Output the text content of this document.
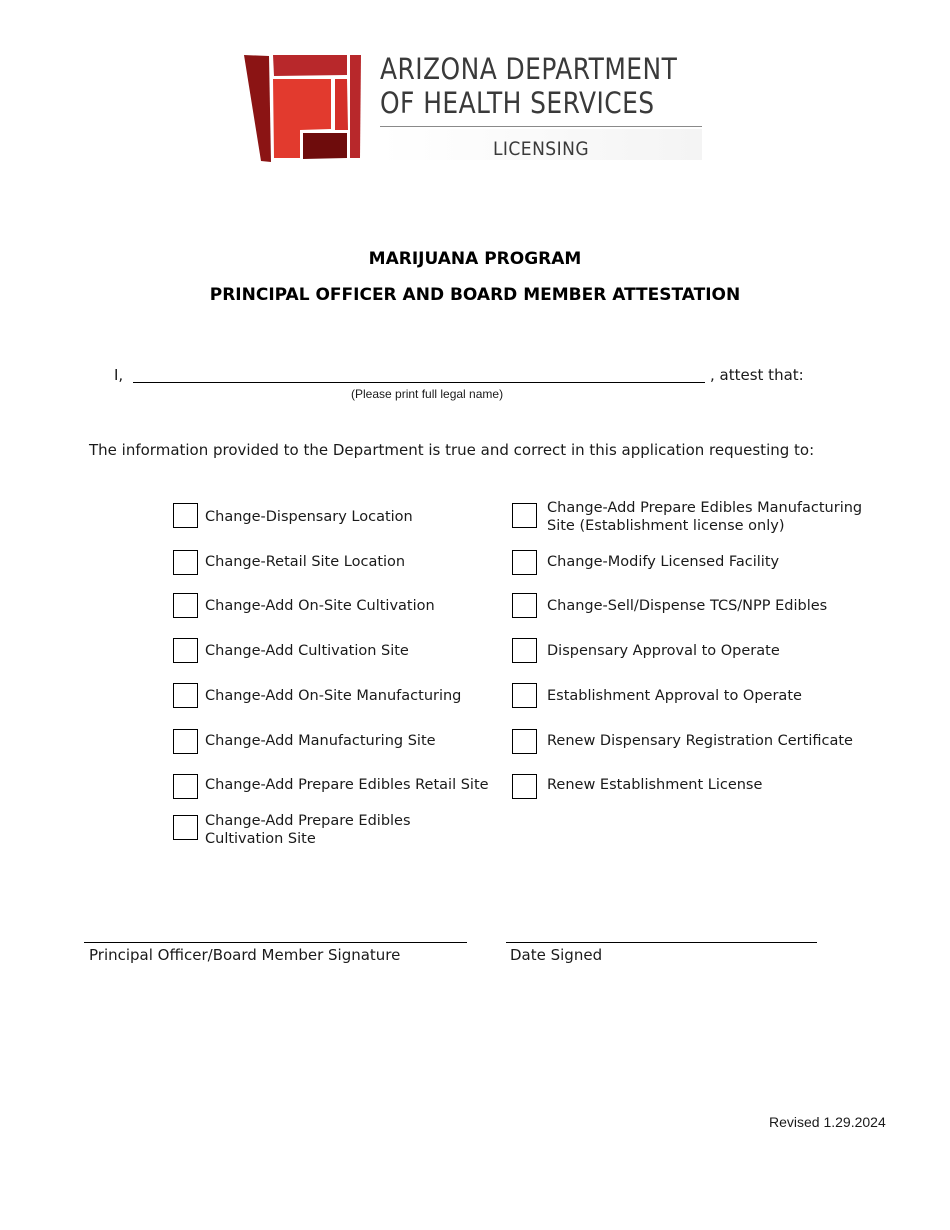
ARIZONA DEPARTMENT
OF HEALTH SERVICES
LICENSING
MARIJUANA PROGRAM
PRINCIPAL OFFICER AND BOARD MEMBER ATTESTATION
I,	, attest that:
(Please print full legal name)
The information provided to the Department is true and correct in this application requesting to:
Change-Dispensary Location
Change-Retail Site Location
Change-Add On-Site Cultivation
Change-Add Cultivation Site
Change-Add On-Site Manufacturing
Change-Add Manufacturing Site
Change-Add Prepare Edibles Retail Site
Change-Add Prepare Edibles Cultivation Site
Change-Add Prepare Edibles Manufacturing Site (Establishment license only)
Change-Modify Licensed Facility
Change-Sell/Dispense TCS/NPP Edibles
Dispensary Approval to Operate
Establishment Approval to Operate
Renew Dispensary Registration Certificate
Renew Establishment License
Principal Officer/Board Member Signature	Date Signed
Revised 1.29.2024
